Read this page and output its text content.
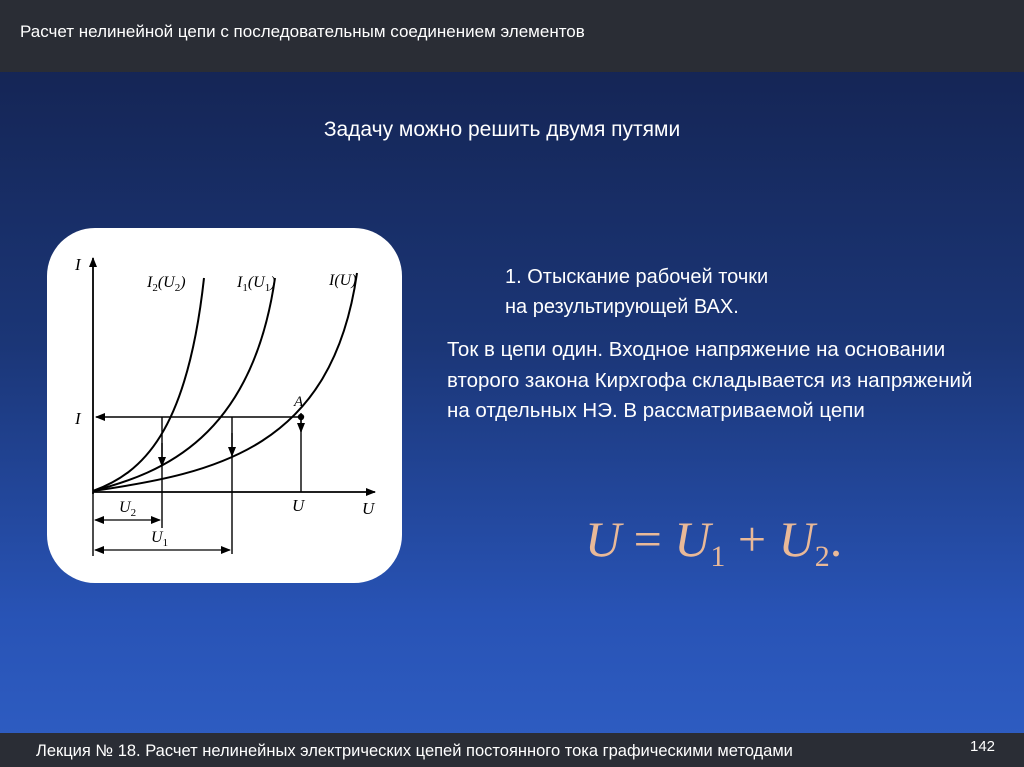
Расчет нелинейной цепи с последовательным соединением элементов
Задачу можно решить двумя путями
I
U
I
U
A
$I_2(U_2)$	$I_1(U_1)$	I(U)
$U_2$
$U_1$
1. Отыскание рабочей точки
на результирующей ВАХ.
Ток в цепи один. Входное напряжение на основании второго закона Кирхгофа складывается из напряжений на отдельных НЭ. В рассматриваемой цепи
$U = U_1 + U_2$.
Лекция № 18. Расчет нелинейных электрических цепей постоянного тока графическими методами	142
